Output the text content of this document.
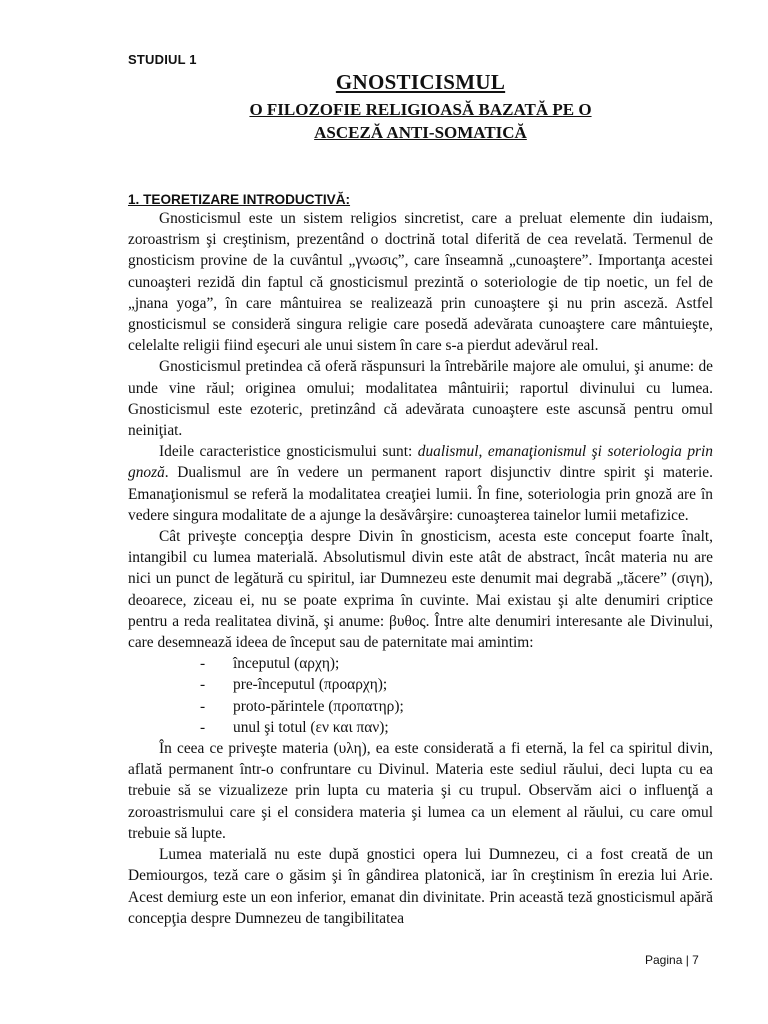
STUDIUL 1
GNOSTICISMUL
O FILOZOFIE RELIGIOASĂ BAZATĂ PE O
ASCEZĂ ANTI-SOMATICĂ
1. TEORETIZARE INTRODUCTIVĂ:

Gnosticismul este un sistem religios sincretist, care a preluat elemente din iudaism, zoroastrism şi creştinism, prezentând o doctrină total diferită de cea revelată. Termenul de gnosticism provine de la cuvântul „γνωσις”, care înseamnă „cunoaştere”. Importanţa acestei cunoaşteri rezidă din faptul că gnosticismul prezintă o soteriologie de tip noetic, un fel de „jnana yoga”, în care mântuirea se realizează prin cunoaştere şi nu prin asceză. Astfel gnosticismul se consideră singura religie care posedă adevărata cunoaştere care mântuieşte, celelalte religii fiind eşecuri ale unui sistem în care s-a pierdut adevărul real.

Gnosticismul pretindea că oferă răspunsuri la întrebările majore ale omului, şi anume: de unde vine răul; originea omului; modalitatea mântuirii; raportul divinului cu lumea. Gnosticismul este ezoteric, pretinzând că adevărata cunoaştere este ascunsă pentru omul neiniţiat.

Ideile caracteristice gnosticismului sunt: dualismul, emanaţionismul şi soteriologia prin gnoză. Dualismul are în vedere un permanent raport disjunctiv dintre spirit şi materie. Emanaţionismul se referă la modalitatea creaţiei lumii. În fine, soteriologia prin gnoză are în vedere singura modalitate de a ajunge la desăvârşire: cunoaşterea tainelor lumii metafizice.

Cât priveşte concepţia despre Divin în gnosticism, acesta este conceput foarte înalt, intangibil cu lumea materială. Absolutismul divin este atât de abstract, încât materia nu are nici un punct de legătură cu spiritul, iar Dumnezeu este denumit mai degrabă „tăcere” (σιγη), deoarece, ziceau ei, nu se poate exprima în cuvinte. Mai existau şi alte denumiri criptice pentru a reda realitatea divină, şi anume: βυθος. Între alte denumiri interesante ale Divinului, care desemnează ideea de început sau de paternitate mai amintim:

- începutul (αρχη);
- pre-începutul (προαρχη);
- proto-părintele (προπατηρ);
- unul şi totul (εν και παν);

În ceea ce priveşte materia (υλη), ea este considerată a fi eternă, la fel ca spiritul divin, aflată permanent într-o confruntare cu Divinul. Materia este sediul răului, deci lupta cu ea trebuie să se vizualizeze prin lupta cu materia şi cu trupul. Observăm aici o influenţă a zoroastrismului care şi el considera materia şi lumea ca un element al răului, cu care omul trebuie să lupte.

Lumea materială nu este după gnostici opera lui Dumnezeu, ci a fost creată de un Demiourgos, teză care o găsim şi în gândirea platonică, iar în creştinism în erezia lui Arie. Acest demiurg este un eon inferior, emanat din divinitate. Prin această teză gnosticismul apără concepţia despre Dumnezeu de tangibilitatea

Pagina | 7
